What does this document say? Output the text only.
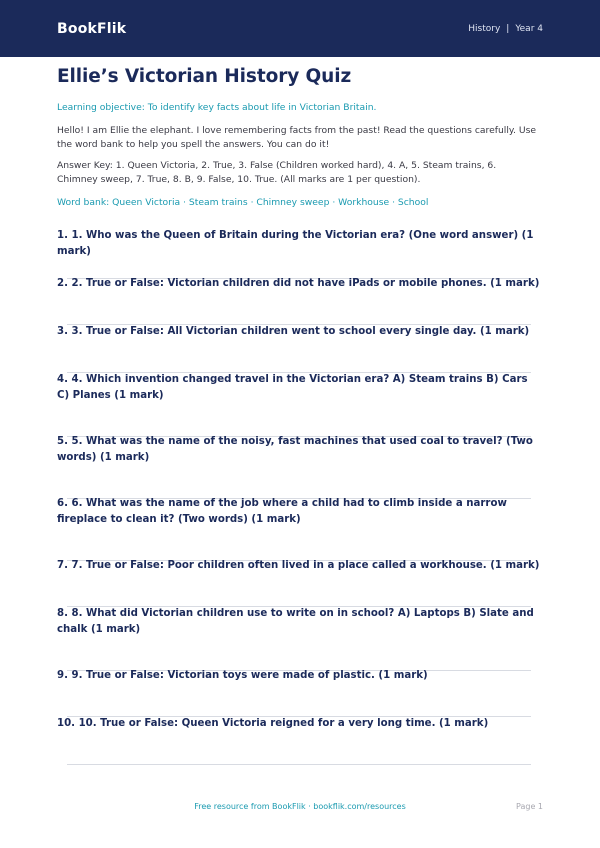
BookFlik	History | Year 4
Ellie’s Victorian History Quiz

Learning objective: To identify key facts about life in Victorian Britain.

Hello! I am Ellie the elephant. I love remembering facts from the past! Read the questions carefully. Use the word bank to help you spell the answers. You can do it!

Answer Key: 1. Queen Victoria, 2. True, 3. False (Children worked hard), 4. A, 5. Steam trains, 6. Chimney sweep, 7. True, 8. B, 9. False, 10. True. (All marks are 1 per question).

Word bank: Queen Victoria · Steam trains · Chimney sweep · Workhouse · School

1. 1. Who was the Queen of Britain during the Victorian era? (One word answer) (1 mark)
2. 2. True or False: Victorian children did not have iPads or mobile phones. (1 mark)
3. 3. True or False: All Victorian children went to school every single day. (1 mark)
4. 4. Which invention changed travel in the Victorian era? A) Steam trains B) Cars C) Planes (1 mark)
5. 5. What was the name of the noisy, fast machines that used coal to travel? (Two words) (1 mark)
6. 6. What was the name of the job where a child had to climb inside a narrow fireplace to clean it? (Two words) (1 mark)
7. 7. True or False: Poor children often lived in a place called a workhouse. (1 mark)
8. 8. What did Victorian children use to write on in school? A) Laptops B) Slate and chalk (1 mark)
9. 9. True or False: Victorian toys were made of plastic. (1 mark)
10. 10. True or False: Queen Victoria reigned for a very long time. (1 mark)
Free resource from BookFlik · bookflik.com/resources	Page 1
